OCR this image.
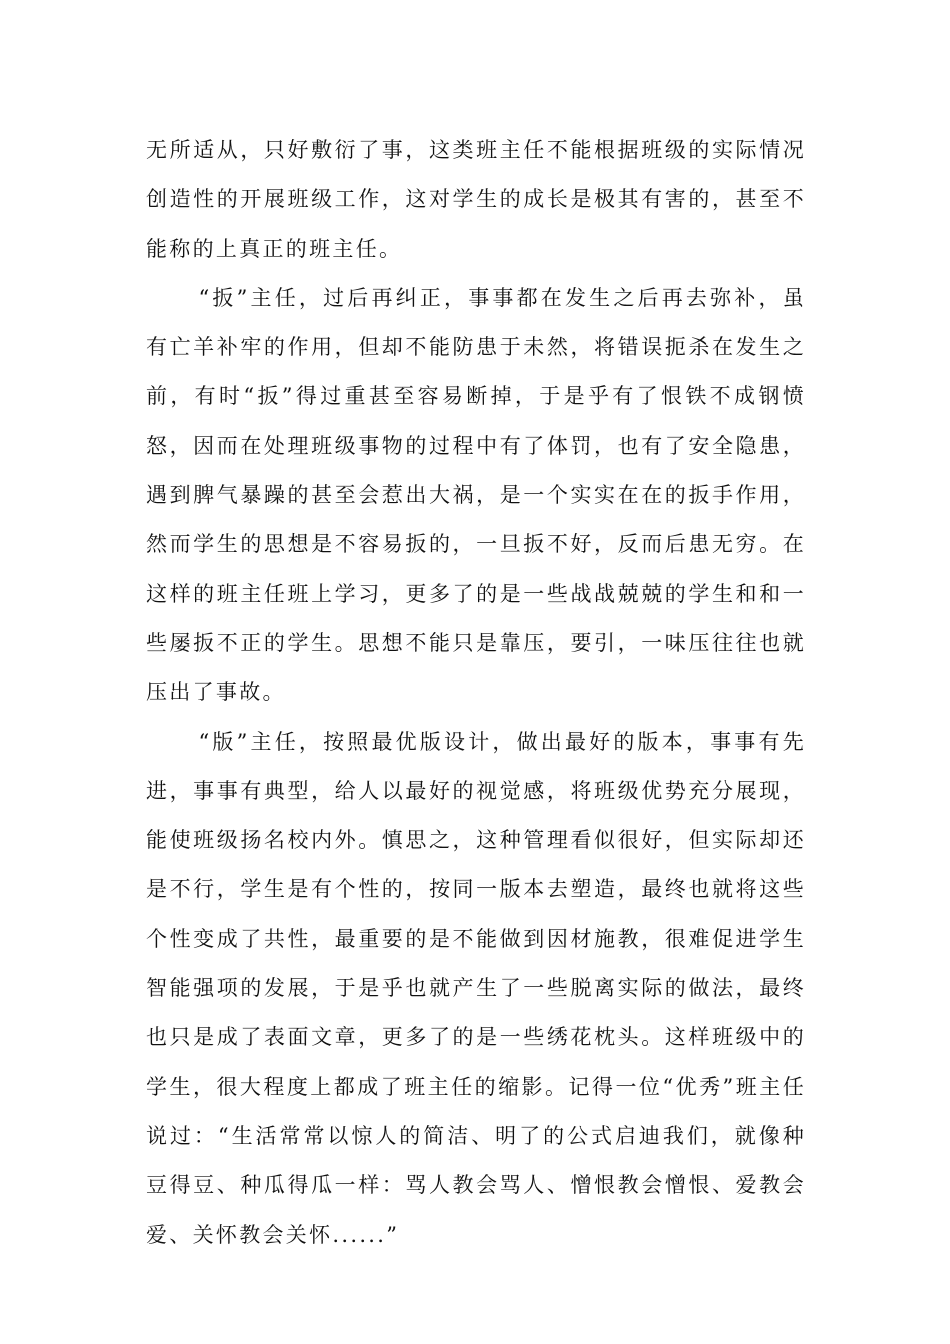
无所适从，只好敷衍了事，这类班主任不能根据班级的实际情况创造性的开展班级工作，这对学生的成长是极其有害的，甚至不能称的上真正的班主任。

“扳”主任，过后再纠正，事事都在发生之后再去弥补，虽有亡羊补牢的作用，但却不能防患于未然，将错误扼杀在发生之前，有时“扳”得过重甚至容易断掉，于是乎有了恨铁不成钢愤怒，因而在处理班级事物的过程中有了体罚，也有了安全隐患，遇到脾气暴躁的甚至会惹出大祸，是一个实实在在的扳手作用，然而学生的思想是不容易扳的，一旦扳不好，反而后患无穷。在这样的班主任班上学习，更多了的是一些战战兢兢的学生和和一些屡扳不正的学生。思想不能只是靠压，要引，一味压往往也就压出了事故。

“版”主任，按照最优版设计，做出最好的版本，事事有先进，事事有典型，给人以最好的视觉感，将班级优势充分展现，能使班级扬名校内外。慎思之，这种管理看似很好，但实际却还是不行，学生是有个性的，按同一版本去塑造，最终也就将这些个性变成了共性，最重要的是不能做到因材施教，很难促进学生智能强项的发展，于是乎也就产生了一些脱离实际的做法，最终也只是成了表面文章，更多了的是一些绣花枕头。这样班级中的学生，很大程度上都成了班主任的缩影。记得一位“优秀”班主任说过：“生活常常以惊人的简洁、明了的公式启迪我们，就像种豆得豆、种瓜得瓜一样：骂人教会骂人、憎恨教会憎恨、爱教会爱、关怀教会关怀......”
